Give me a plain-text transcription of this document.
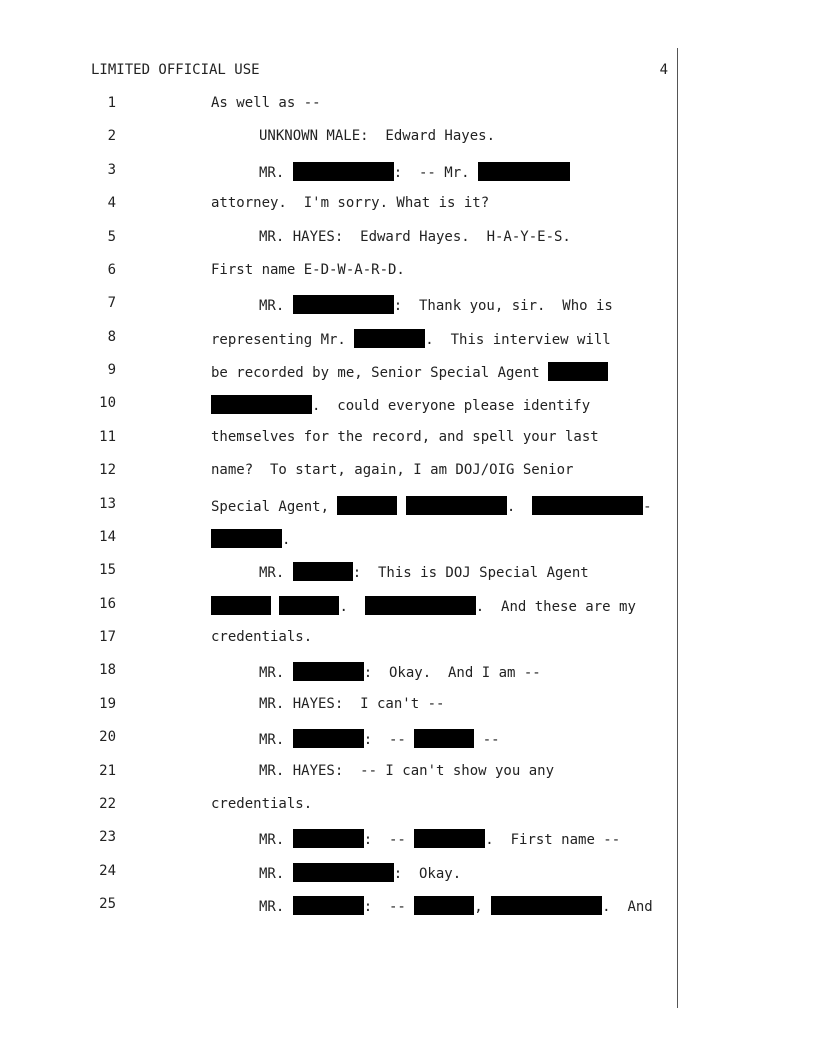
LIMITED OFFICIAL USE	4
1	As well as --
2	UNKNOWN MALE:  Edward Hayes.
3	MR.	:  -- Mr.
4	attorney.  I'm sorry. What is it?
5	MR. HAYES:  Edward Hayes.  H-A-Y-E-S.
6	First name E-D-W-A-R-D.
7	MR.	:  Thank you, sir.  Who is
8	representing Mr.	.  This interview will
9	be recorded by me, Senior Special Agent
10	.  could everyone please identify
11	themselves for the record, and spell your last
12	name?  To start, again, I am DOJ/OIG Senior
13	Special Agent,	.	-
14	.
15	MR.	:  This is DOJ Special Agent
16	.	.  And these are my
17	credentials.
18	MR.	:  Okay.  And I am --
19	MR. HAYES:  I can't --
20	MR.	:  --	--
21	MR. HAYES:  -- I can't show you any
22	credentials.
23	MR.	:  --	.  First name --
24	MR.	:  Okay.
25	MR.	:  --	,	.  And
